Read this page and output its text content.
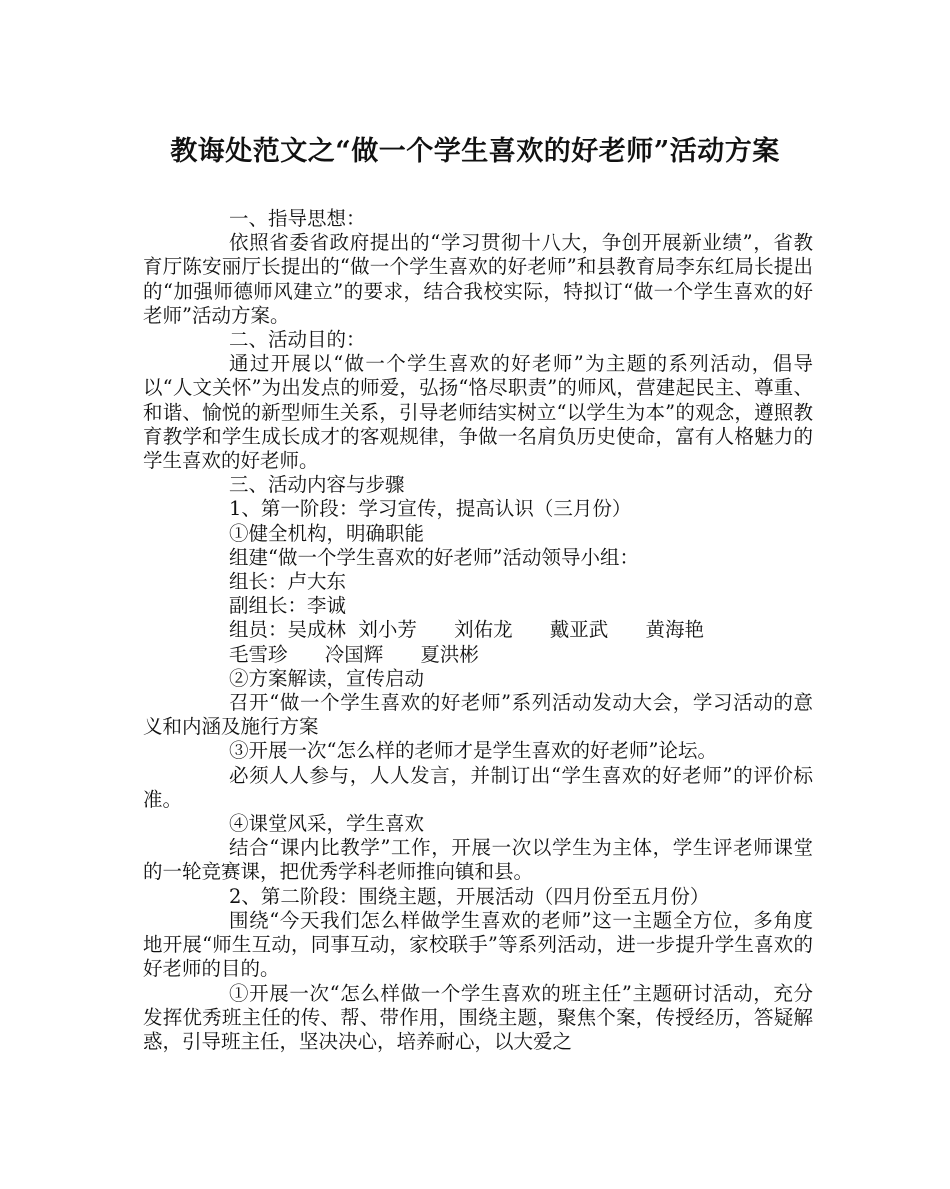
教诲处范文之“做一个学生喜欢的好老师”活动方案

一、指导思想：

依照省委省政府提出的“学习贯彻十八大，争创开展新业绩”，省教育厅陈安丽厅长提出的“做一个学生喜欢的好老师”和县教育局李东红局长提出的“加强师德师风建立”的要求，结合我校实际，特拟订“做一个学生喜欢的好老师”活动方案。

二、活动目的：

通过开展以“做一个学生喜欢的好老师”为主题的系列活动，倡导以“人文关怀”为出发点的师爱，弘扬“恪尽职责”的师风，营建起民主、尊重、和谐、愉悦的新型师生关系，引导老师结实树立“以学生为本”的观念，遵照教育教学和学生成长成才的客观规律，争做一名肩负历史使命，富有人格魅力的学生喜欢的好老师。

三、活动内容与步骤

1、第一阶段：学习宣传，提高认识（三月份）

①健全机构，明确职能

组建“做一个学生喜欢的好老师”活动领导小组：

组长：卢大东

副组长：李诚

组员：吴成林  刘小芳      刘佑龙      戴亚武      黄海艳

毛雪珍      冷国辉      夏洪彬

②方案解读，宣传启动

召开“做一个学生喜欢的好老师”系列活动发动大会，学习活动的意义和内涵及施行方案

③开展一次“怎么样的老师才是学生喜欢的好老师”论坛。

必须人人参与，人人发言，并制订出“学生喜欢的好老师”的评价标准。

④课堂风采，学生喜欢

结合“课内比教学”工作，开展一次以学生为主体，学生评老师课堂的一轮竞赛课，把优秀学科老师推向镇和县。

2、第二阶段：围绕主题，开展活动（四月份至五月份）

围绕“今天我们怎么样做学生喜欢的老师”这一主题全方位，多角度地开展“师生互动，同事互动，家校联手”等系列活动，进一步提升学生喜欢的好老师的目的。

①开展一次“怎么样做一个学生喜欢的班主任”主题研讨活动，充分发挥优秀班主任的传、帮、带作用，围绕主题，聚焦个案，传授经历，答疑解惑，引导班主任，坚决决心，培养耐心，以大爱之
